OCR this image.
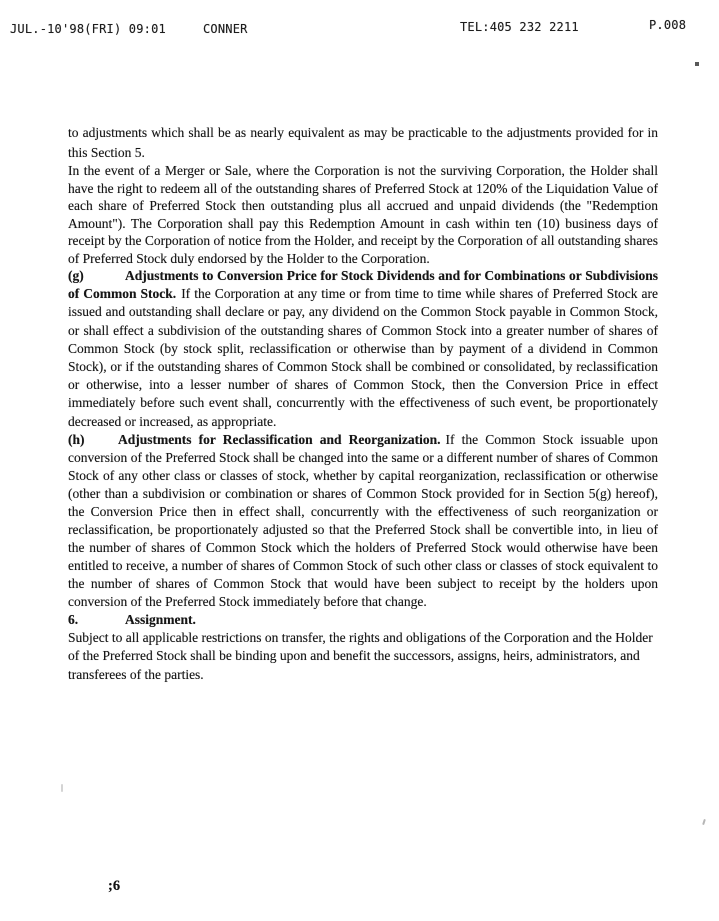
JUL.-10'98(FRI) 09:01	CONNER	TEL:405 232 2211	P.008

to adjustments which shall be as nearly equivalent as may be practicable to the adjustments provided for in this Section 5.

In the event of a Merger or Sale, where the Corporation is not the surviving Corporation, the Holder shall have the right to redeem all of the outstanding shares of Preferred Stock at 120% of the Liquidation Value of each share of Preferred Stock then outstanding plus all accrued and unpaid dividends (the "Redemption Amount"). The Corporation shall pay this Redemption Amount in cash within ten (10) business days of receipt by the Corporation of notice from the Holder, and receipt by the Corporation of all outstanding shares of Preferred Stock duly endorsed by the Holder to the Corporation.

(g)	Adjustments to Conversion Price for Stock Dividends and for Combinations or Subdivisions of Common Stock. If the Corporation at any time or from time to time while shares of Preferred Stock are issued and outstanding shall declare or pay, any dividend on the Common Stock payable in Common Stock, or shall effect a subdivision of the outstanding shares of Common Stock into a greater number of shares of Common Stock (by stock split, reclassification or otherwise than by payment of a dividend in Common Stock), or if the outstanding shares of Common Stock shall be combined or consolidated, by reclassification or otherwise, into a lesser number of shares of Common Stock, then the Conversion Price in effect immediately before such event shall, concurrently with the effectiveness of such event, be proportionately decreased or increased, as appropriate.

(h) Adjustments for Reclassification and Reorganization. If the Common Stock issuable upon conversion of the Preferred Stock shall be changed into the same or a different number of shares of Common Stock of any other class or classes of stock, whether by capital reorganization, reclassification or otherwise (other than a subdivision or combination or shares of Common Stock provided for in Section 5(g) hereof), the Conversion Price then in effect shall, concurrently with the effectiveness of such reorganization or reclassification, be proportionately adjusted so that the Preferred Stock shall be convertible into, in lieu of the number of shares of Common Stock which the holders of Preferred Stock would otherwise have been entitled to receive, a number of shares of Common Stock of such other class or classes of stock equivalent to the number of shares of Common Stock that would have been subject to receipt by the holders upon conversion of the Preferred Stock immediately before that change.

6.	Assignment.

Subject to all applicable restrictions on transfer, the rights and obligations of the Corporation and the Holder of the Preferred Stock shall be binding upon and benefit the successors, assigns, heirs, administrators, and transferees of the parties.

;6
